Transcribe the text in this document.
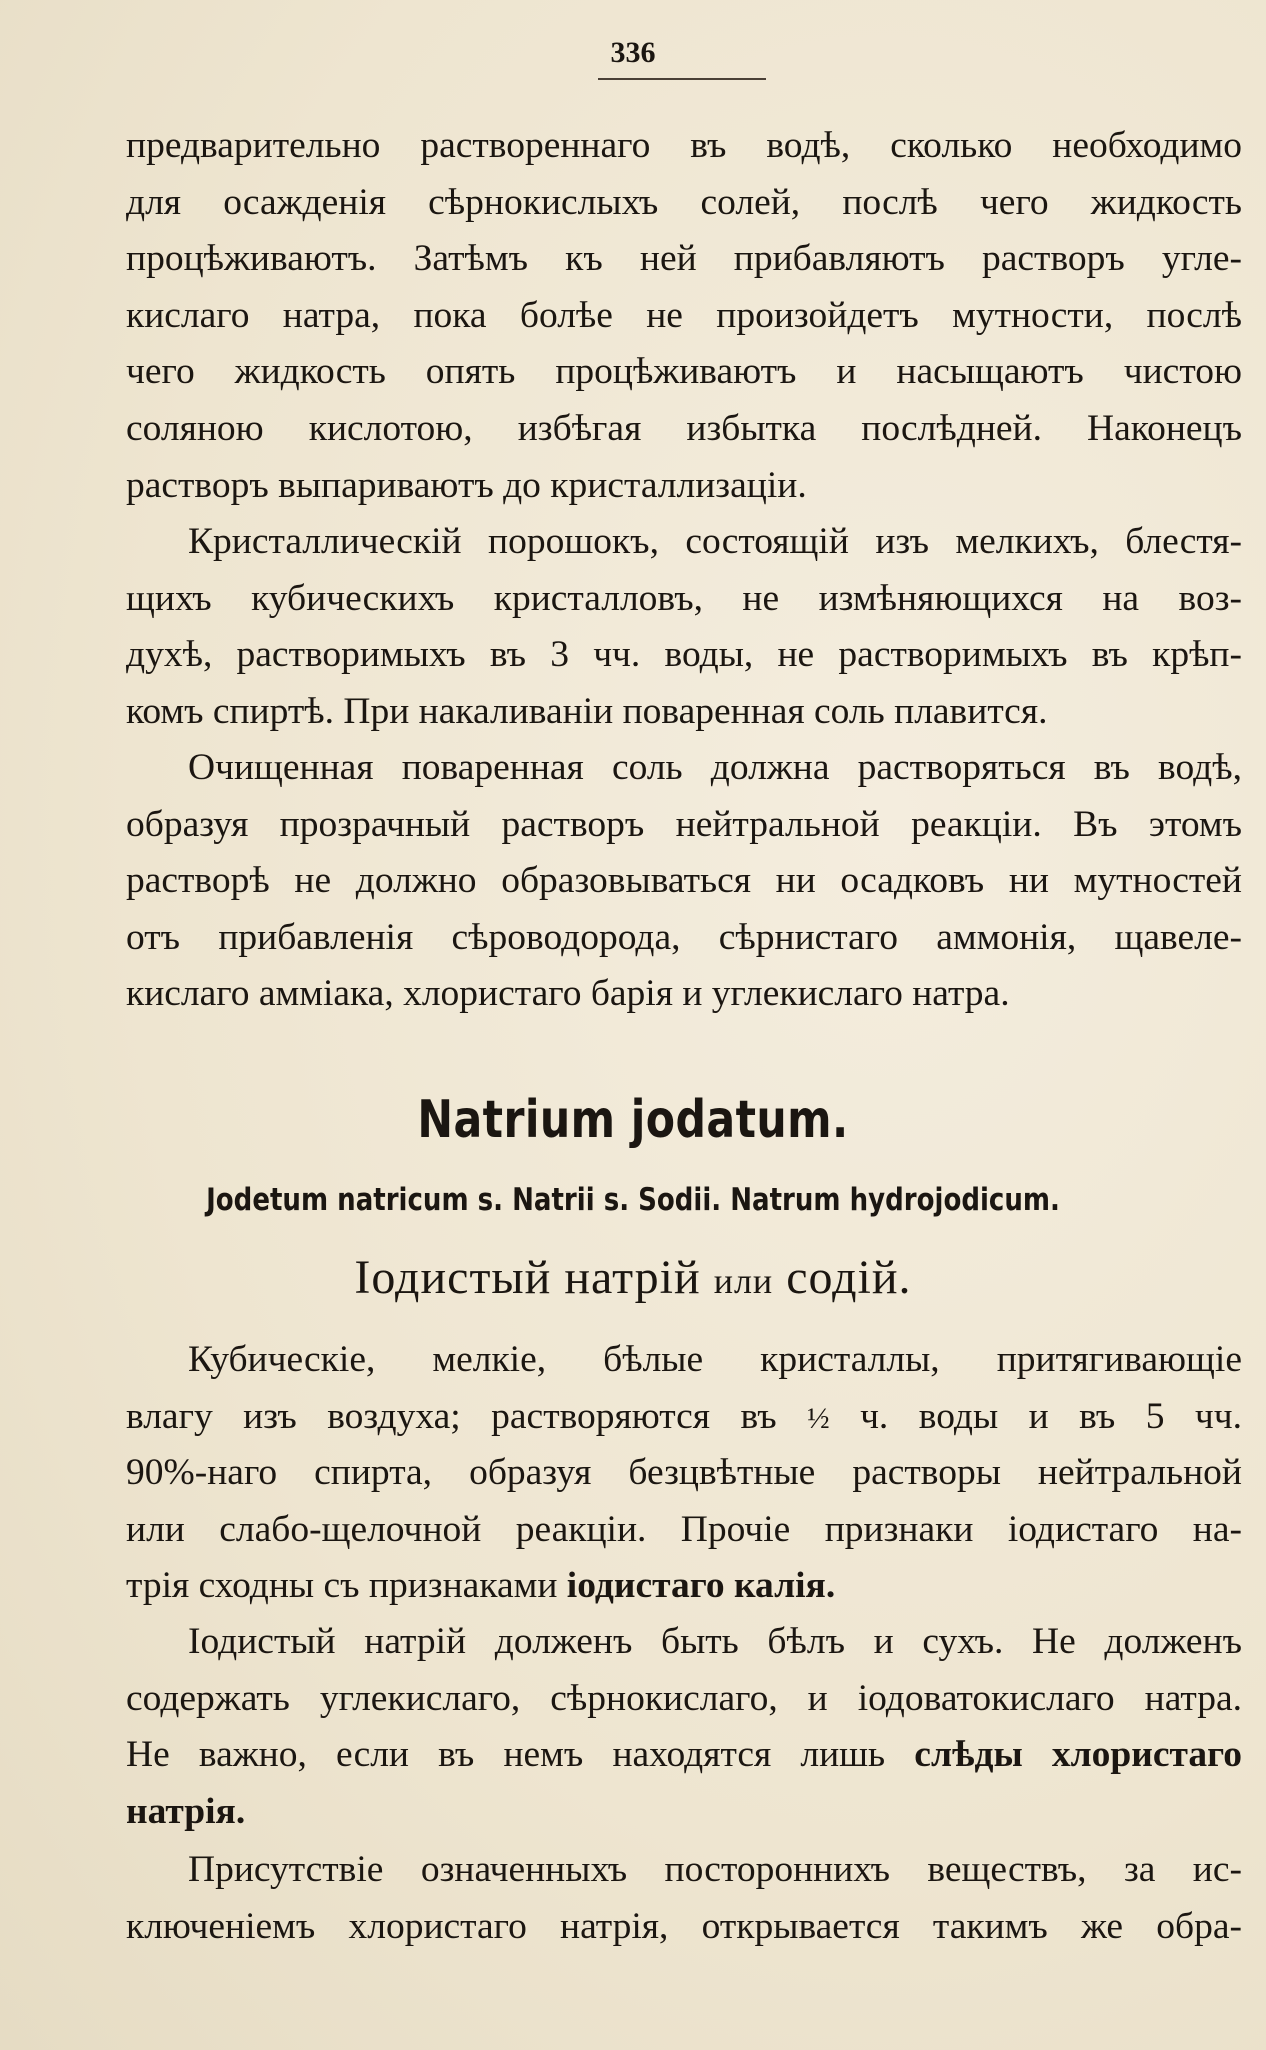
336
предварительно раствореннаго въ водѣ, сколько необходимо
для осажденія сѣрнокислыхъ солей, послѣ чего жидкость
процѣживаютъ. Затѣмъ къ ней прибавляютъ растворъ угле-
кислаго натра, пока болѣе не произойдетъ мутности, послѣ
чего жидкость опять процѣживаютъ и насыщаютъ чистою
соляною кислотою, избѣгая избытка послѣдней. Наконецъ
растворъ выпариваютъ до кристаллизаціи.
Кристаллическій порошокъ, состоящій изъ мелкихъ, блестя-
щихъ кубическихъ кристалловъ, не измѣняющихся на воз-
духѣ, растворимыхъ въ 3 чч. воды, не растворимыхъ въ крѣп-
комъ спиртѣ. При накаливаніи поваренная соль плавится.
Очищенная поваренная соль должна растворяться въ водѣ,
образуя прозрачный растворъ нейтральной реакціи. Въ этомъ
растворѣ не должно образовываться ни осадковъ ни мутностей
отъ прибавленія сѣроводорода, сѣрнистаго аммонія, щавеле-
кислаго амміака, хлористаго барія и углекислаго натра.
Natrium jodatum.
Jodetum natricum s. Natrii s. Sodii. Natrum hydrojodicum.
Іодистый натрій или содій.
Кубическіе, мелкіе, бѣлые кристаллы, притягивающіе
влагу изъ воздуха; растворяются въ ½ ч. воды и въ 5 чч.
90%-наго спирта, образуя безцвѣтные растворы нейтральной
или слабо-щелочной реакціи. Прочіе признаки іодистаго на-
трія сходны съ признаками іодистаго калія.
Іодистый натрій долженъ быть бѣлъ и сухъ. Не долженъ
содержать углекислаго, сѣрнокислаго, и іодоватокислаго натра.
Не важно, если въ немъ находятся лишь слѣды хлористаго
натрія.
Присутствіе означенныхъ постороннихъ веществъ, за ис-
ключеніемъ хлористаго натрія, открывается такимъ же обра-
